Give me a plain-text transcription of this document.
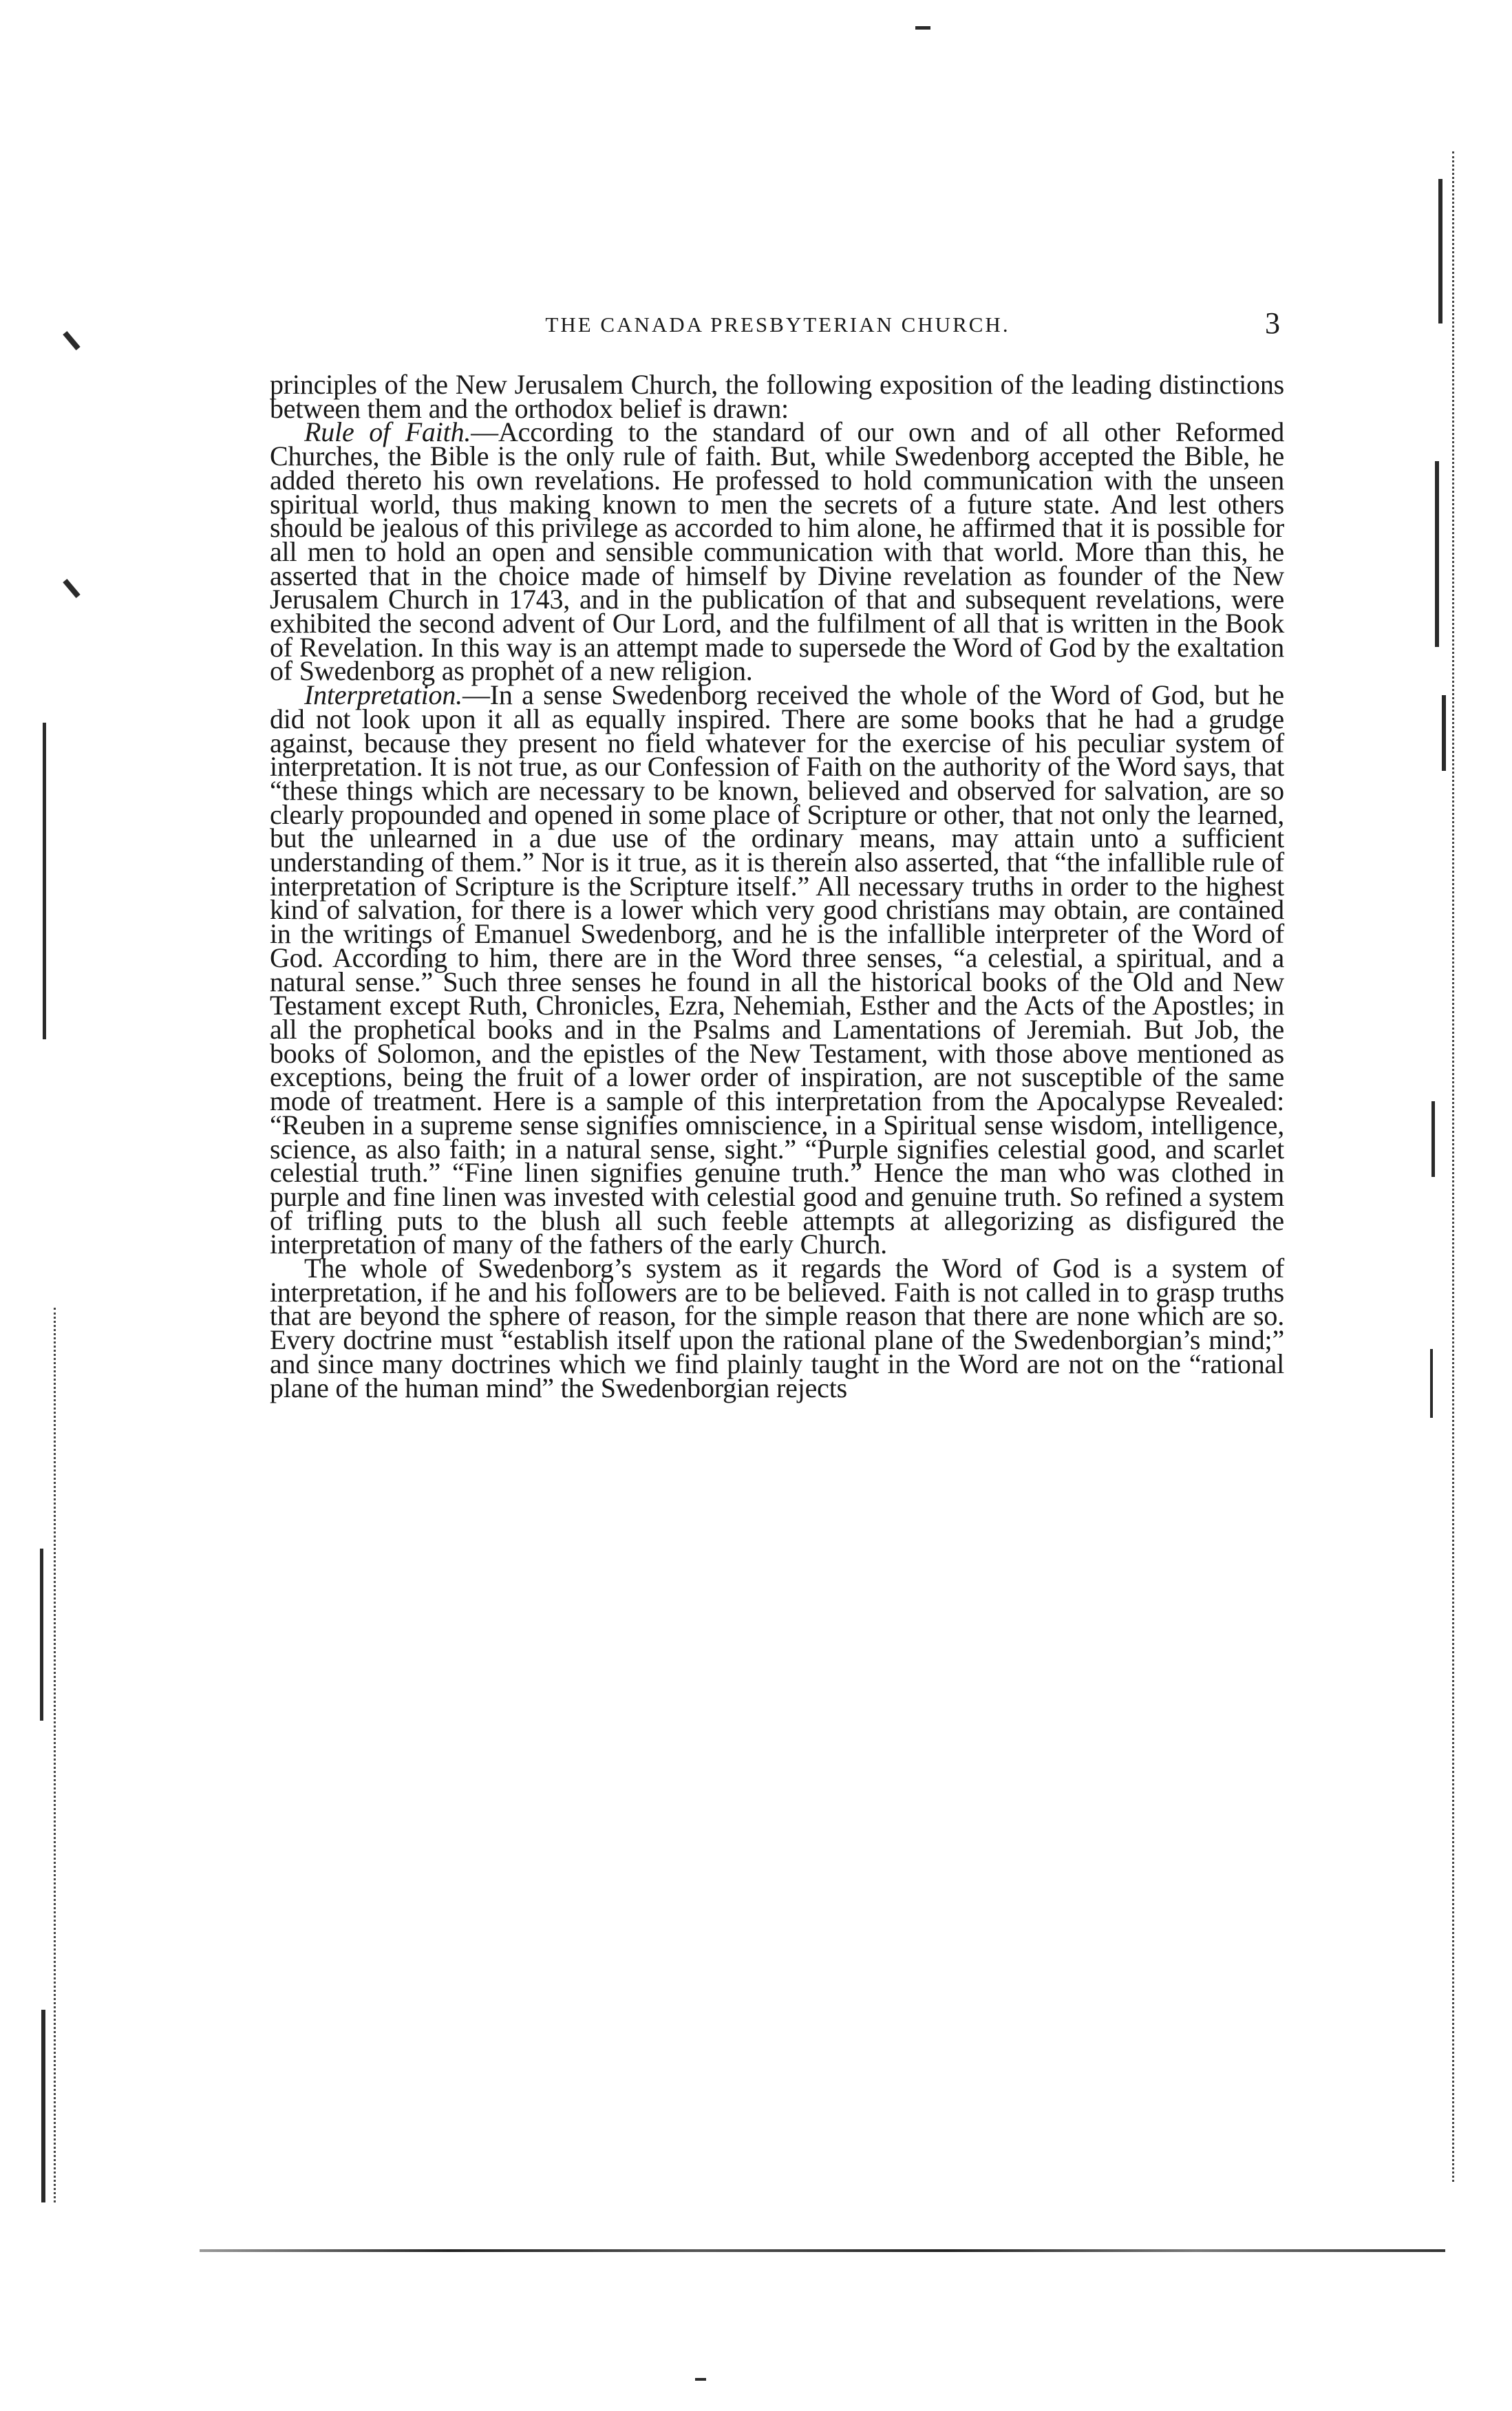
THE CANADA PRESBYTERIAN CHURCH.	3

principles of the New Jerusalem Church, the following exposition of the leading distinctions between them and the orthodox belief is drawn:

Rule of Faith.—According to the standard of our own and of all other Reformed Churches, the Bible is the only rule of faith. But, while Swedenborg accepted the Bible, he added thereto his own revelations. He professed to hold communication with the unseen spiritual world, thus making known to men the secrets of a future state. And lest others should be jealous of this privilege as accorded to him alone, he affirmed that it is possible for all men to hold an open and sensible communication with that world. More than this, he asserted that in the choice made of himself by Divine revelation as founder of the New Jerusalem Church in 1743, and in the publication of that and subsequent revelations, were exhibited the second advent of Our Lord, and the fulfilment of all that is written in the Book of Revelation. In this way is an attempt made to supersede the Word of God by the exaltation of Swedenborg as prophet of a new religion.

Interpretation.—In a sense Swedenborg received the whole of the Word of God, but he did not look upon it all as equally inspired. There are some books that he had a grudge against, because they present no field whatever for the exercise of his peculiar system of interpretation. It is not true, as our Confession of Faith on the authority of the Word says, that “these things which are necessary to be known, believed and observed for salvation, are so clearly propounded and opened in some place of Scripture or other, that not only the learned, but the unlearned in a due use of the ordinary means, may attain unto a sufficient understanding of them.” Nor is it true, as it is therein also asserted, that “the infallible rule of interpretation of Scripture is the Scripture itself.” All necessary truths in order to the highest kind of salvation, for there is a lower which very good christians may obtain, are contained in the writings of Emanuel Swedenborg, and he is the infallible interpreter of the Word of God. According to him, there are in the Word three senses, “a celestial, a spiritual, and a natural sense.” Such three senses he found in all the historical books of the Old and New Testament except Ruth, Chronicles, Ezra, Nehemiah, Esther and the Acts of the Apostles; in all the prophetical books and in the Psalms and Lamentations of Jeremiah. But Job, the books of Solomon, and the epistles of the New Testament, with those above mentioned as exceptions, being the fruit of a lower order of inspiration, are not susceptible of the same mode of treatment. Here is a sample of this interpretation from the Apocalypse Revealed: “Reuben in a supreme sense signifies omniscience, in a Spiritual sense wisdom, intelligence, science, as also faith; in a natural sense, sight.” “Purple signifies celestial good, and scarlet celestial truth.” “Fine linen signifies genuine truth.” Hence the man who was clothed in purple and fine linen was invested with celestial good and genuine truth. So refined a system of trifling puts to the blush all such feeble attempts at allegorizing as disfigured the interpretation of many of the fathers of the early Church.

The whole of Swedenborg’s system as it regards the Word of God is a system of interpretation, if he and his followers are to be believed. Faith is not called in to grasp truths that are beyond the sphere of reason, for the simple reason that there are none which are so. Every doctrine must “establish itself upon the rational plane of the Swedenborgian’s mind;” and since many doctrines which we find plainly taught in the Word are not on the “rational plane of the human mind” the Swedenborgian rejects
